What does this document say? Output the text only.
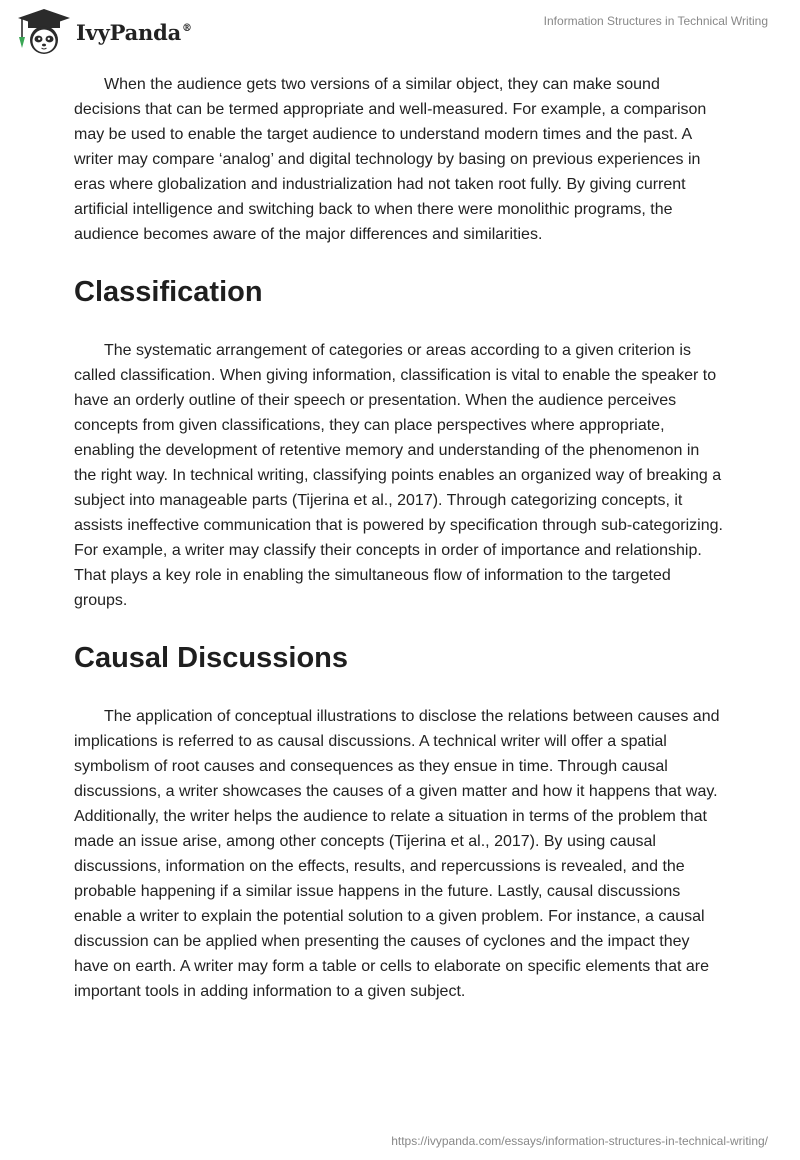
IvyPanda®	Information Structures in Technical Writing

When the audience gets two versions of a similar object, they can make sound decisions that can be termed appropriate and well-measured. For example, a comparison may be used to enable the target audience to understand modern times and the past. A writer may compare ‘analog’ and digital technology by basing on previous experiences in eras where globalization and industrialization had not taken root fully. By giving current artificial intelligence and switching back to when there were monolithic programs, the audience becomes aware of the major differences and similarities.

Classification

The systematic arrangement of categories or areas according to a given criterion is called classification. When giving information, classification is vital to enable the speaker to have an orderly outline of their speech or presentation. When the audience perceives concepts from given classifications, they can place perspectives where appropriate, enabling the development of retentive memory and understanding of the phenomenon in the right way. In technical writing, classifying points enables an organized way of breaking a subject into manageable parts (Tijerina et al., 2017). Through categorizing concepts, it assists ineffective communication that is powered by specification through sub-categorizing. For example, a writer may classify their concepts in order of importance and relationship. That plays a key role in enabling the simultaneous flow of information to the targeted groups.

Causal Discussions

The application of conceptual illustrations to disclose the relations between causes and implications is referred to as causal discussions. A technical writer will offer a spatial symbolism of root causes and consequences as they ensue in time. Through causal discussions, a writer showcases the causes of a given matter and how it happens that way. Additionally, the writer helps the audience to relate a situation in terms of the problem that made an issue arise, among other concepts (Tijerina et al., 2017). By using causal discussions, information on the effects, results, and repercussions is revealed, and the probable happening if a similar issue happens in the future. Lastly, causal discussions enable a writer to explain the potential solution to a given problem. For instance, a causal discussion can be applied when presenting the causes of cyclones and the impact they have on earth. A writer may form a table or cells to elaborate on specific elements that are important tools in adding information to a given subject.

https://ivypanda.com/essays/information-structures-in-technical-writing/
